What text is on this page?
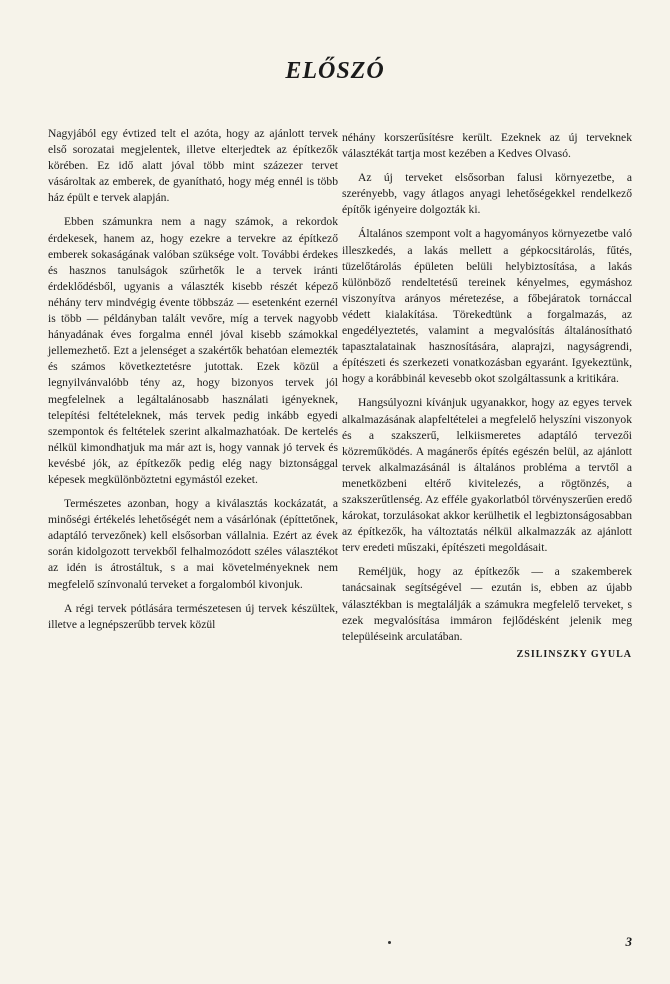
ELŐSZÓ

Nagyjából egy évtized telt el azóta, hogy az ajánlott tervek első sorozatai megjelentek, illetve elterjedtek az építkezők körében. Ez idő alatt jóval több mint százezer tervet vásároltak az emberek, de gyanítható, hogy még ennél is több ház épült e tervek alapján.

Ebben számunkra nem a nagy számok, a rekordok érdekesek, hanem az, hogy ezekre a tervekre az építkező emberek sokaságának valóban szüksége volt. További érdekes és hasznos tanulságok szűrhetők le a tervek iránti érdeklődésből, ugyanis a választék kisebb részét képező néhány terv mindvégig évente többszáz — esetenként ezernél is több — példányban talált vevőre, míg a tervek nagyobb hányadának éves forgalma ennél jóval kisebb számokkal jellemezhető. Ezt a jelenséget a szakértők behatóan elemezték és számos következtetésre jutottak. Ezek közül a legnyilvánvalóbb tény az, hogy bizonyos tervek jól megfelelnek a legáltalánosabb használati igényeknek, telepítési feltételeknek, más tervek pedig inkább egyedi szempontok és feltételek szerint alkalmazhatóak. De kertelés nélkül kimondhatjuk ma már azt is, hogy vannak jó tervek és kevésbé jók, az építkezők pedig elég nagy biztonsággal képesek megkülönböztetni egymástól ezeket.

Természetes azonban, hogy a kiválasztás kockázatát, a minőségi értékelés lehetőségét nem a vásárlónak (építtetőnek, adaptáló tervezőnek) kell elsősorban vállalnia. Ezért az évek során kidolgozott tervekből felhalmozódott széles választékot az idén is átrostáltuk, s a mai követelményeknek nem megfelelő színvonalú terveket a forgalomból kivonjuk.

A régi tervek pótlására természetesen új tervek készültek, illetve a legnépszerűbb tervek közül

néhány korszerűsítésre került. Ezeknek az új terveknek választékát tartja most kezében a Kedves Olvasó.

Az új terveket elsősorban falusi környezetbe, a szerényebb, vagy átlagos anyagi lehetőségekkel rendelkező építők igényeire dolgozták ki.

Általános szempont volt a hagyományos környezetbe való illeszkedés, a lakás mellett a gépkocsitárolás, fűtés, tüzelőtárolás épületen belüli helybiztosítása, a lakás különböző rendeltetésű tereinek kényelmes, egymáshoz viszonyítva arányos méretezése, a főbejáratok tornáccal védett kialakítása. Törekedtünk a forgalmazás, az engedélyeztetés, valamint a megvalósítás általánosítható tapasztalatainak hasznosítására, alaprajzi, nagyságrendi, építészeti és szerkezeti vonatkozásban egyaránt. Igyekeztünk, hogy a korábbinál kevesebb okot szolgáltassunk a kritikára.

Hangsúlyozni kívánjuk ugyanakkor, hogy az egyes tervek alkalmazásának alapfeltételei a megfelelő helyszíni viszonyok és a szakszerű, lelkiismeretes adaptáló tervezői közreműködés. A magánerős építés egészén belül, az ajánlott tervek alkalmazásánál is általános probléma a tervtől a menetközbeni eltérő kivitelezés, a rögtönzés, a szakszerűtlenség. Az efféle gyakorlatból törvényszerűen eredő károkat, torzulásokat akkor kerülhetik el legbiztonságosabban az építkezők, ha változtatás nélkül alkalmazzák az ajánlott terv eredeti műszaki, építészeti megoldásait.

Reméljük, hogy az építkezők — a szakemberek tanácsainak segítségével — ezután is, ebben az újabb választékban is megtalálják a számukra megfelelő terveket, s ezek megvalósítása immáron fejlődésként jelenik meg településeink arculatában.

ZSILINSZKY GYULA
3
